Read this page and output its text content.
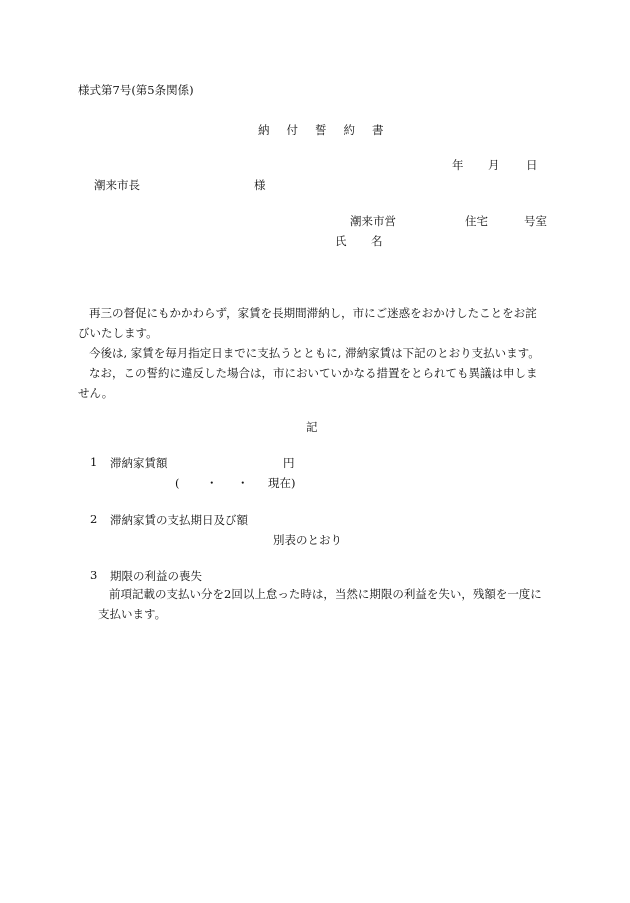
様式第7号(第5条関係)
納 付 誓 約 書
年 月 日
潮来市長	様
潮来市営	住宅	号室
氏 名

再三の督促にもかかわらず，家賃を長期間滞納し，市にご迷惑をおかけしたことをお詫びいたします。

今後は, 家賃を毎月指定日までに支払うとともに, 滞納家賃は下記のとおり支払います。

なお，この誓約に違反した場合は，市においていかなる措置をとられても異議は申しません。

記
1 滞納家賃額	円
( ・ ・ 現在)
2 滞納家賃の支払期日及び額
別表のとおり
3 期限の利益の喪失

前項記載の支払い分を2回以上怠った時は，当然に期限の利益を失い，残額を一度に支払います。
